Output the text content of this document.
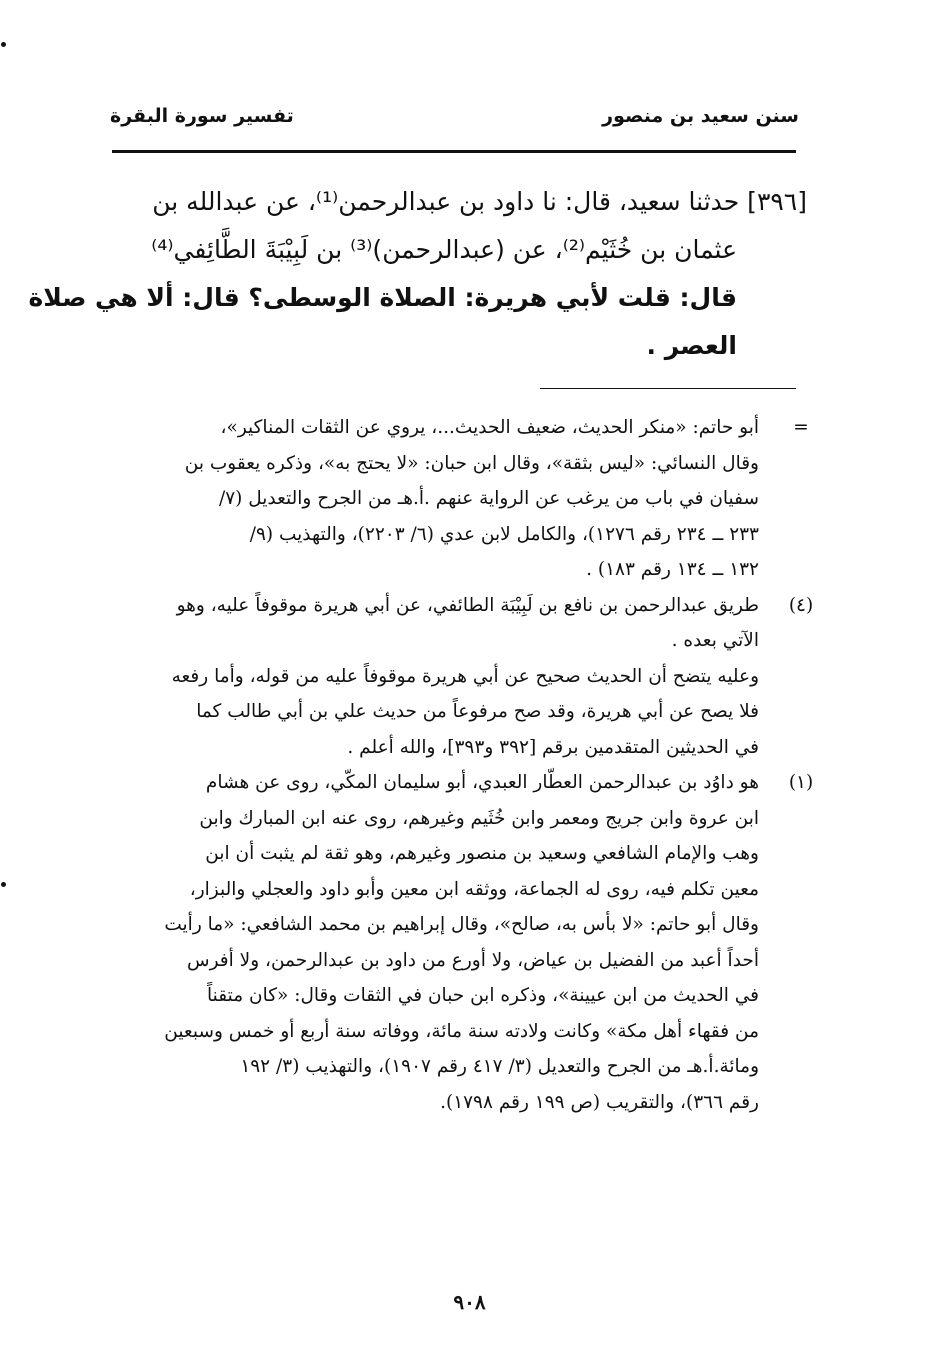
سنن سعيد بن منصور
تفسير سورة البقرة
[٣٩٦] حدثنا سعيد، قال: نا داود بن عبدالرحمن⁽¹⁾، عن عبدالله بن
عثمان بن خُثَيْم⁽²⁾، عن (عبدالرحمن)⁽³⁾ بن لَبِيْبَةَ الطَّائِفي⁽⁴⁾
قال: قلت لأبي هريرة: الصلاة الوسطى؟ قال: ألا هي صلاة
العصر .
=
أبو حاتم: «منكر الحديث، ضعيف الحديث...، يروي عن الثقات المناكير»،
وقال النسائي: «ليس بثقة»، وقال ابن حبان: «لا يحتج به»، وذكره يعقوب بن
سفيان في باب من يرغب عن الرواية عنهم .أ.هـ من الجرح والتعديل (٧/
٢٣٣ ــ ٢٣٤ رقم ١٢٧٦)، والكامل لابن عدي (٦/ ٢٢٠٣)، والتهذيب (٩/
١٣٢ ــ ١٣٤ رقم ١٨٣) .
(٤)
طريق عبدالرحمن بن نافع بن لَبِيْبَة الطائفي، عن أبي هريرة موقوفاً عليه، وهو
الآتي بعده .
وعليه يتضح أن الحديث صحيح عن أبي هريرة موقوفاً عليه من قوله، وأما رفعه
فلا يصح عن أبي هريرة، وقد صح مرفوعاً من حديث علي بن أبي طالب كما
في الحديثين المتقدمين برقم [٣٩٢ و٣٩٣]، والله أعلم .
(١)
هو داوُد بن عبدالرحمن العطّار العبدي، أبو سليمان المكّي، روى عن هشام
ابن عروة وابن جريج ومعمر وابن خُثَيم وغيرهم، روى عنه ابن المبارك وابن
وهب والإمام الشافعي وسعيد بن منصور وغيرهم، وهو ثقة لم يثبت أن ابن
معين تكلم فيه، روى له الجماعة، ووثقه ابن معين وأبو داود والعجلي والبزار،
وقال أبو حاتم: «لا بأس به، صالح»، وقال إبراهيم بن محمد الشافعي: «ما رأيت
أحداً أعبد من الفضيل بن عياض، ولا أورع من داود بن عبدالرحمن، ولا أفرس
في الحديث من ابن عيينة»، وذكره ابن حبان في الثقات وقال: «كان متقناً
من فقهاء أهل مكة» وكانت ولادته سنة مائة، ووفاته سنة أربع أو خمس وسبعين
ومائة.أ.هـ من الجرح والتعديل (٣/ ٤١٧ رقم ١٩٠٧)، والتهذيب (٣/ ١٩٢
رقم ٣٦٦)، والتقريب (ص ١٩٩ رقم ١٧٩٨).
٩٠٨
